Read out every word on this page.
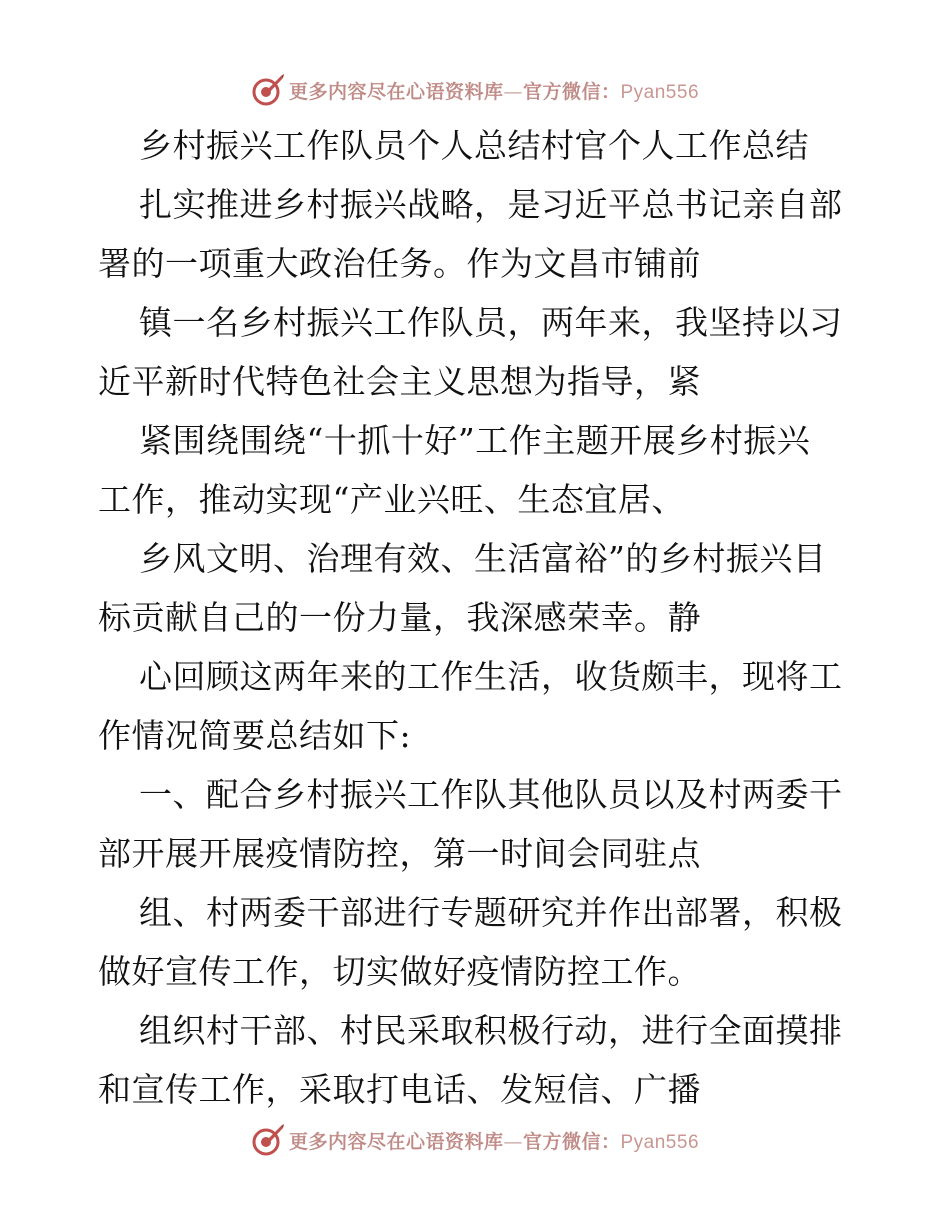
更多内容尽在心语资料库—官方微信：Pyan556
乡村振兴工作队员个人总结村官个人工作总结
扎实推进乡村振兴战略，是习近平总书记亲自部
署的一项重大政治任务。作为文昌市铺前
镇一名乡村振兴工作队员，两年来，我坚持以习
近平新时代特色社会主义思想为指导，紧
紧围绕围绕“十抓十好”工作主题开展乡村振兴
工作，推动实现“产业兴旺、生态宜居、
乡风文明、治理有效、生活富裕”的乡村振兴目
标贡献自己的一份力量，我深感荣幸。静
心回顾这两年来的工作生活，收货颇丰，现将工
作情况简要总结如下:
一、配合乡村振兴工作队其他队员以及村两委干
部开展开展疫情防控，第一时间会同驻点
组、村两委干部进行专题研究并作出部署，积极
做好宣传工作，切实做好疫情防控工作。
组织村干部、村民采取积极行动，进行全面摸排
和宣传工作，采取打电话、发短信、广播
更多内容尽在心语资料库—官方微信：Pyan556
